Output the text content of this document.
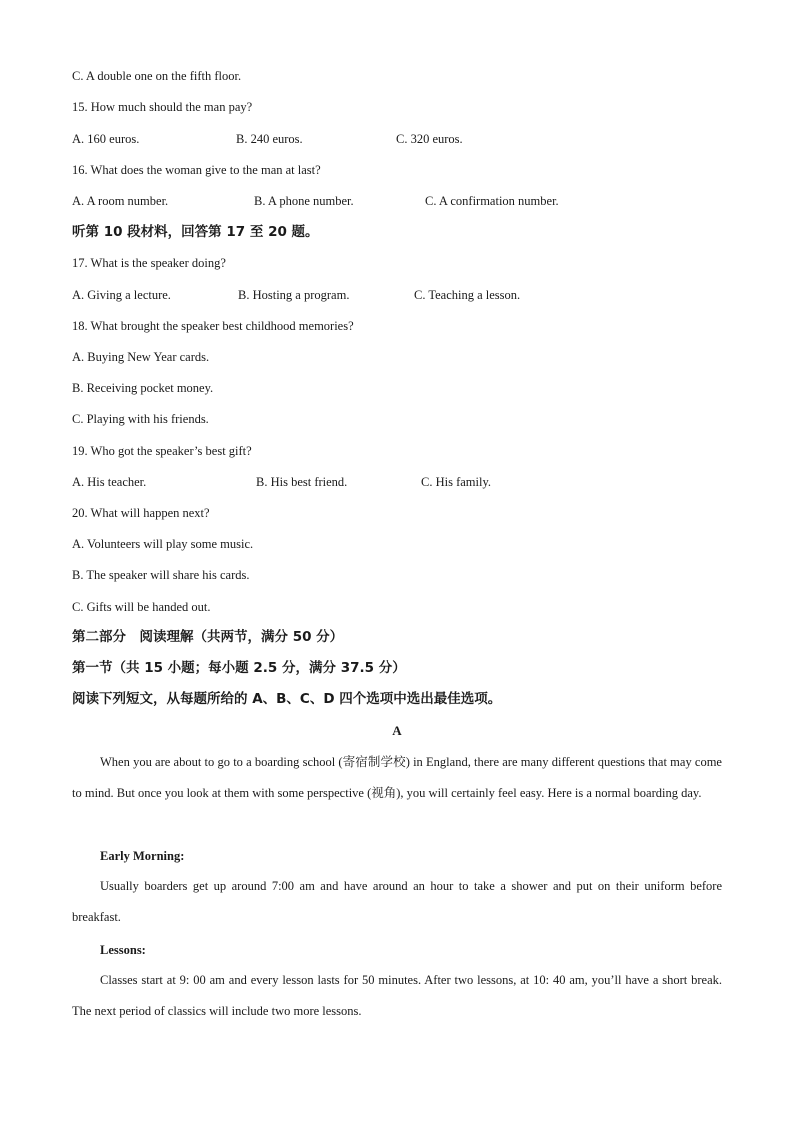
C. A double one on the fifth floor.
15. How much should the man pay?
A. 160 euros.	B. 240 euros.	C. 320 euros.
16. What does the woman give to the man at last?
A. A room number.	B. A phone number.	C. A confirmation number.
听第 10 段材料，回答第 17 至 20 题。
17. What is the speaker doing?
A. Giving a lecture.	B. Hosting a program.	C. Teaching a lesson.
18. What brought the speaker best childhood memories?
A. Buying New Year cards.
B. Receiving pocket money.
C. Playing with his friends.
19. Who got the speaker’s best gift?
A. His teacher.	B. His best friend.	C. His family.
20. What will happen next?
A. Volunteers will play some music.
B. The speaker will share his cards.
C. Gifts will be handed out.
第二部分　阅读理解（共两节，满分 50 分）
第一节（共 15 小题；每小题 2.5 分，满分 37.5 分）
阅读下列短文，从每题所给的 A、B、C、D 四个选项中选出最佳选项。
A
When you are about to go to a boarding school (寄宿制学校) in England, there are many different questions that may come to mind. But once you look at them with some perspective (视角), you will certainly feel easy. Here is a normal boarding day.
Early Morning:
Usually boarders get up around 7:00 am and have around an hour to take a shower and put on their uniform before breakfast.
Lessons:
Classes start at 9: 00 am and every lesson lasts for 50 minutes. After two lessons, at 10: 40 am, you’ll have a short break. The next period of classics will include two more lessons.
